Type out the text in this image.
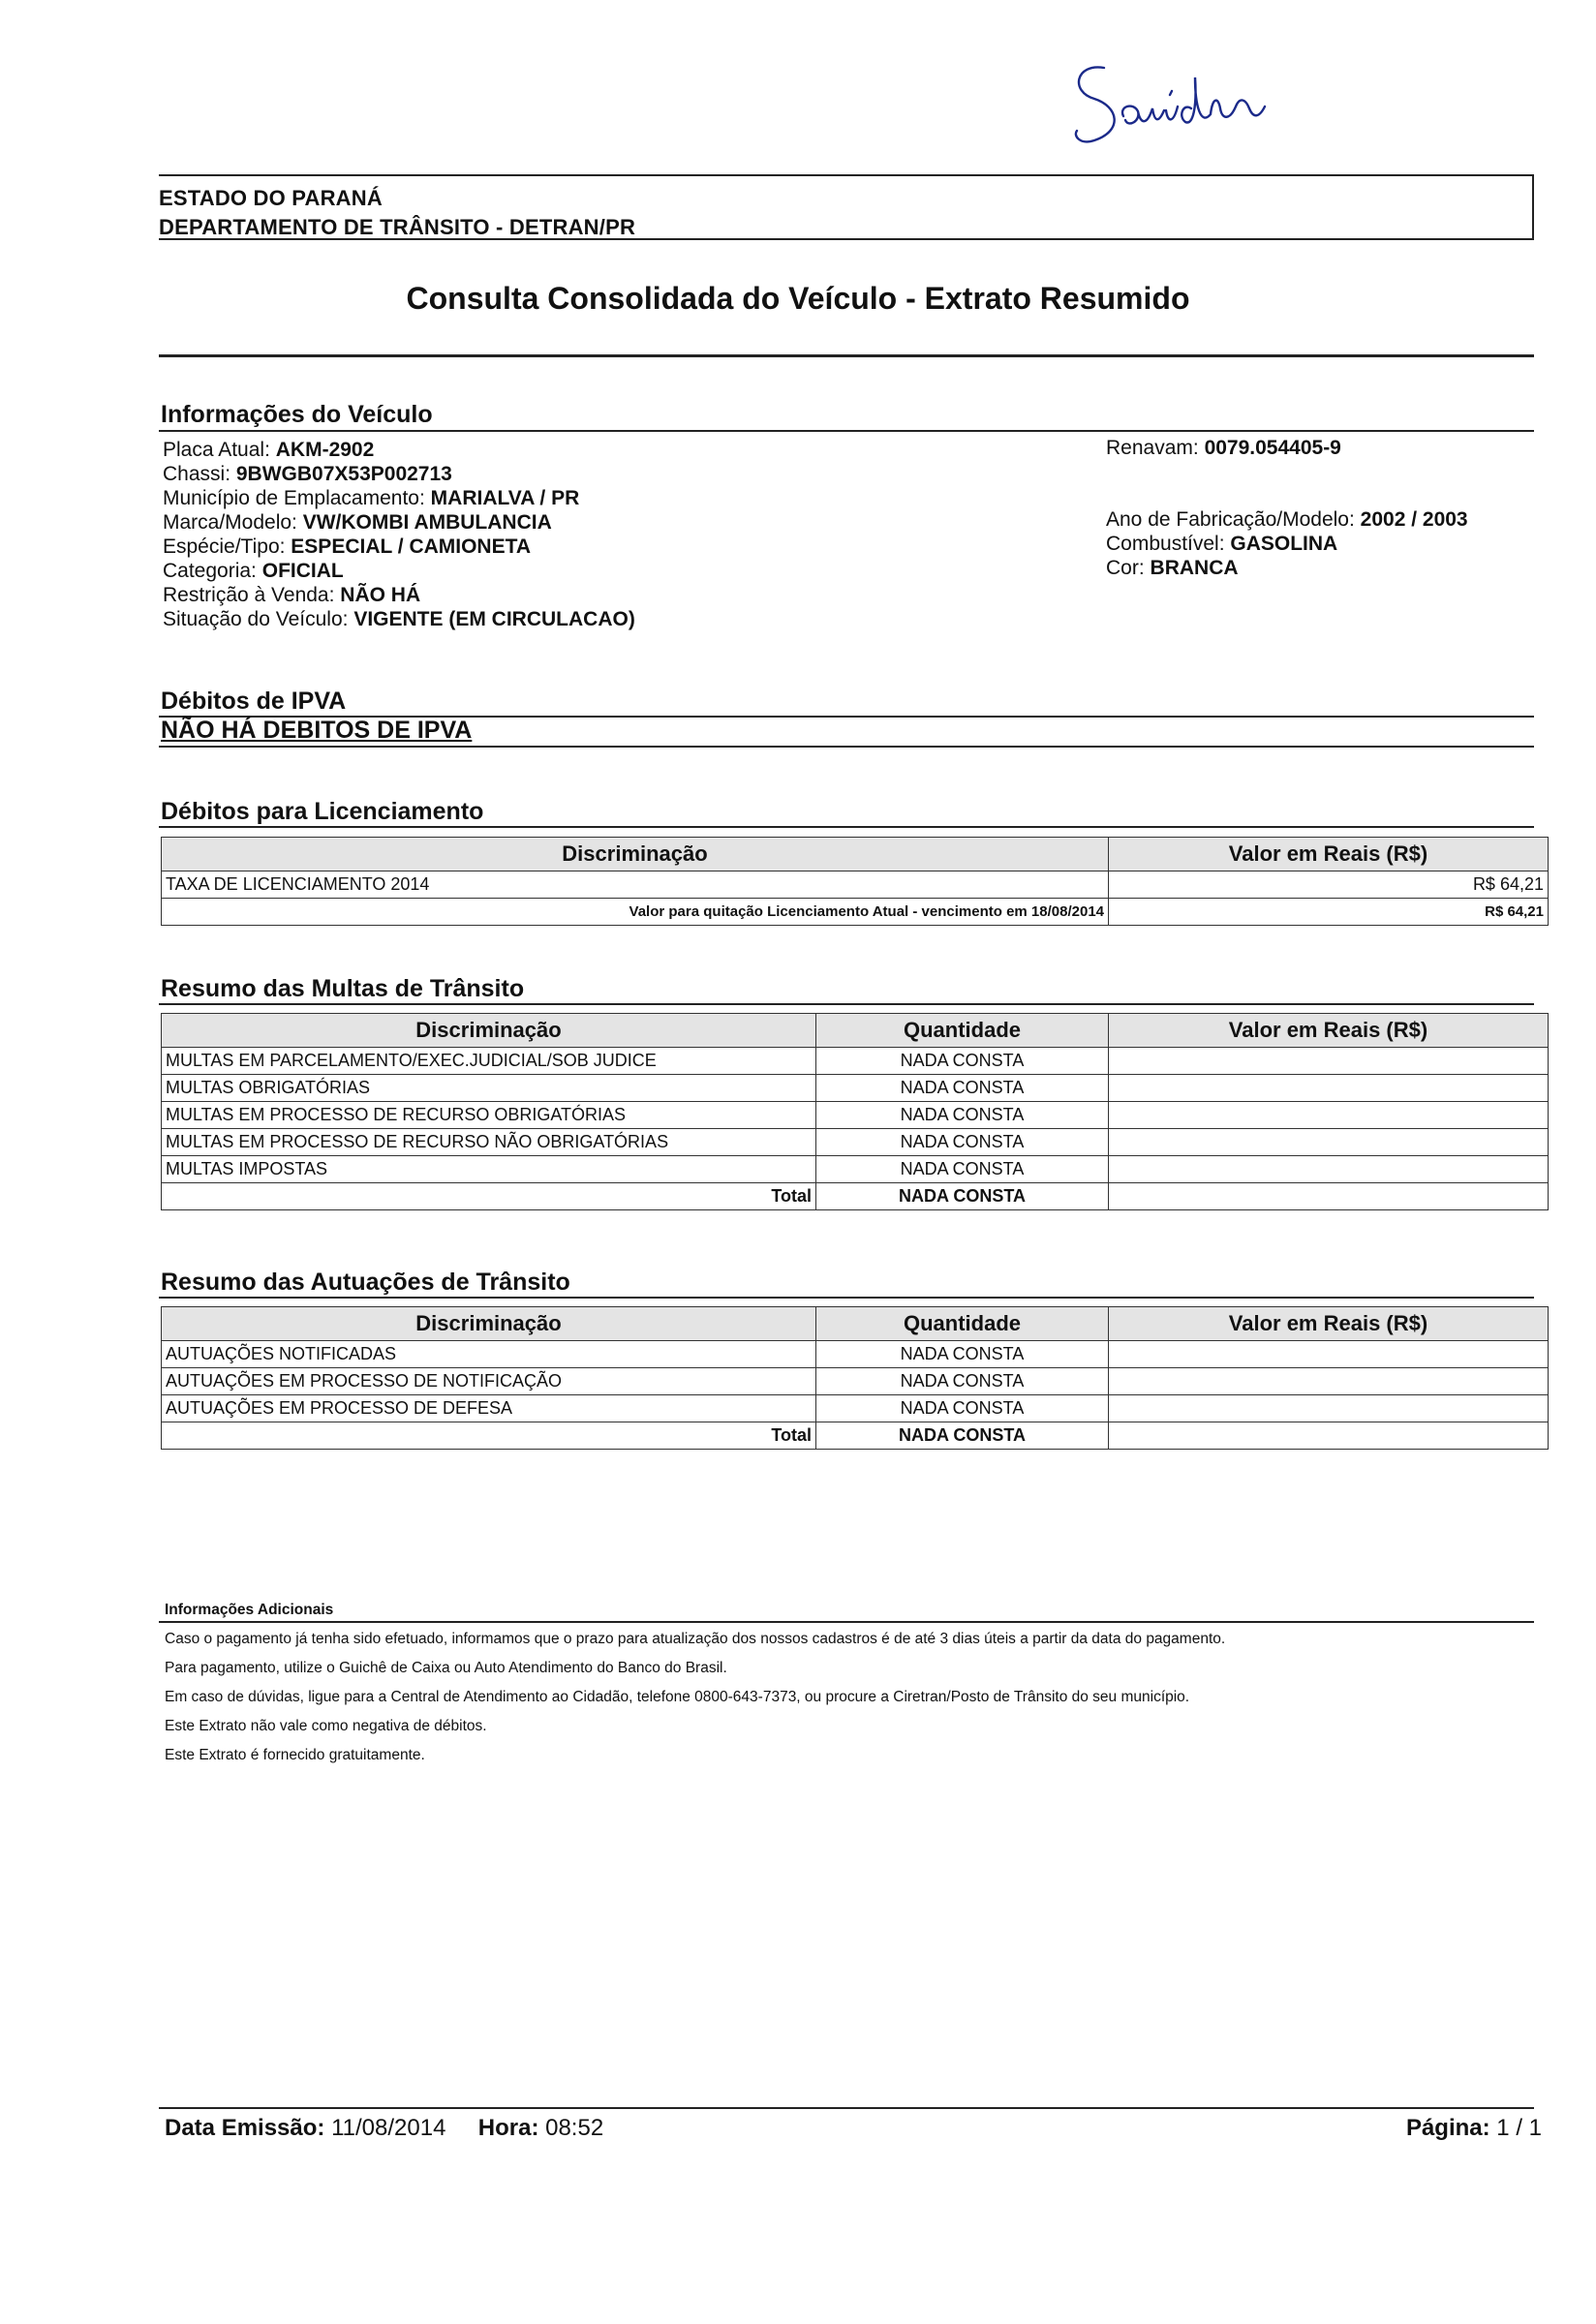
ESTADO DO PARANÁ
DEPARTAMENTO DE TRÂNSITO - DETRAN/PR
Consulta Consolidada do Veículo - Extrato Resumido
Informações do Veículo
Placa Atual: AKM-2902
Chassi: 9BWGB07X53P002713
Município de Emplacamento: MARIALVA / PR
Marca/Modelo: VW/KOMBI AMBULANCIA
Espécie/Tipo: ESPECIAL / CAMIONETA
Categoria: OFICIAL
Restrição à Venda: NÃO HÁ
Situação do Veículo: VIGENTE (EM CIRCULACAO)
Renavam: 0079.054405-9
Ano de Fabricação/Modelo: 2002 / 2003
Combustível: GASOLINA
Cor: BRANCA
Débitos de IPVA
NÃO HÁ DEBITOS DE IPVA
Débitos para Licenciamento
Discriminação	Valor em Reais (R$)
TAXA DE LICENCIAMENTO 2014	R$ 64,21
Valor para quitação Licenciamento Atual - vencimento em 18/08/2014	R$ 64,21
Resumo das Multas de Trânsito
Discriminação	Quantidade	Valor em Reais (R$)
MULTAS EM PARCELAMENTO/EXEC.JUDICIAL/SOB JUDICE	NADA CONSTA	
MULTAS OBRIGATÓRIAS	NADA CONSTA	
MULTAS EM PROCESSO DE RECURSO OBRIGATÓRIAS	NADA CONSTA	
MULTAS EM PROCESSO DE RECURSO NÃO OBRIGATÓRIAS	NADA CONSTA	
MULTAS IMPOSTAS	NADA CONSTA	
Total	NADA CONSTA	
Resumo das Autuações de Trânsito
Discriminação	Quantidade	Valor em Reais (R$)
AUTUAÇÕES NOTIFICADAS	NADA CONSTA	
AUTUAÇÕES EM PROCESSO DE NOTIFICAÇÃO	NADA CONSTA	
AUTUAÇÕES EM PROCESSO DE DEFESA	NADA CONSTA	
Total	NADA CONSTA	
Informações Adicionais
Caso o pagamento já tenha sido efetuado, informamos que o prazo para atualização dos nossos cadastros é de até 3 dias úteis a partir da data do pagamento.
Para pagamento, utilize o Guichê de Caixa ou Auto Atendimento do Banco do Brasil.
Em caso de dúvidas, ligue para a Central de Atendimento ao Cidadão, telefone 0800-643-7373, ou procure a Ciretran/Posto de Trânsito do seu município.
Este Extrato não vale como negativa de débitos.
Este Extrato é fornecido gratuitamente.
Data Emissão: 11/08/2014 Hora: 08:52	Página: 1 / 1
